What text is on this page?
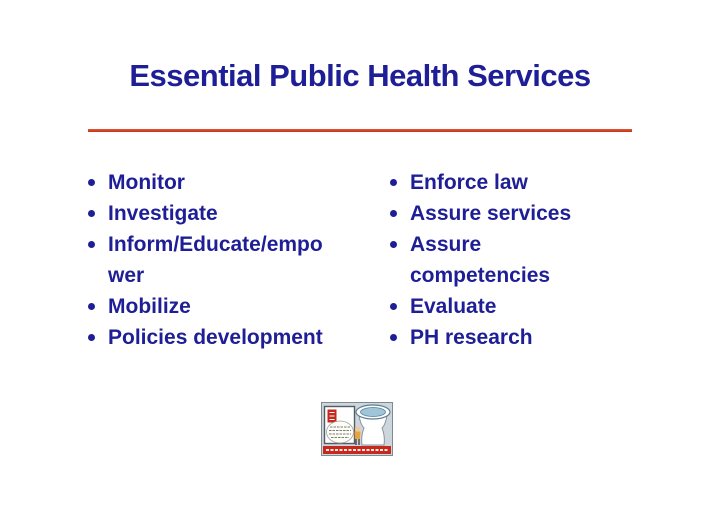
Essential Public Health Services
Monitor
Investigate
Inform/Educate/empo
wer
Mobilize
Policies development
Enforce law
Assure services
Assure
competencies
Evaluate
PH research
